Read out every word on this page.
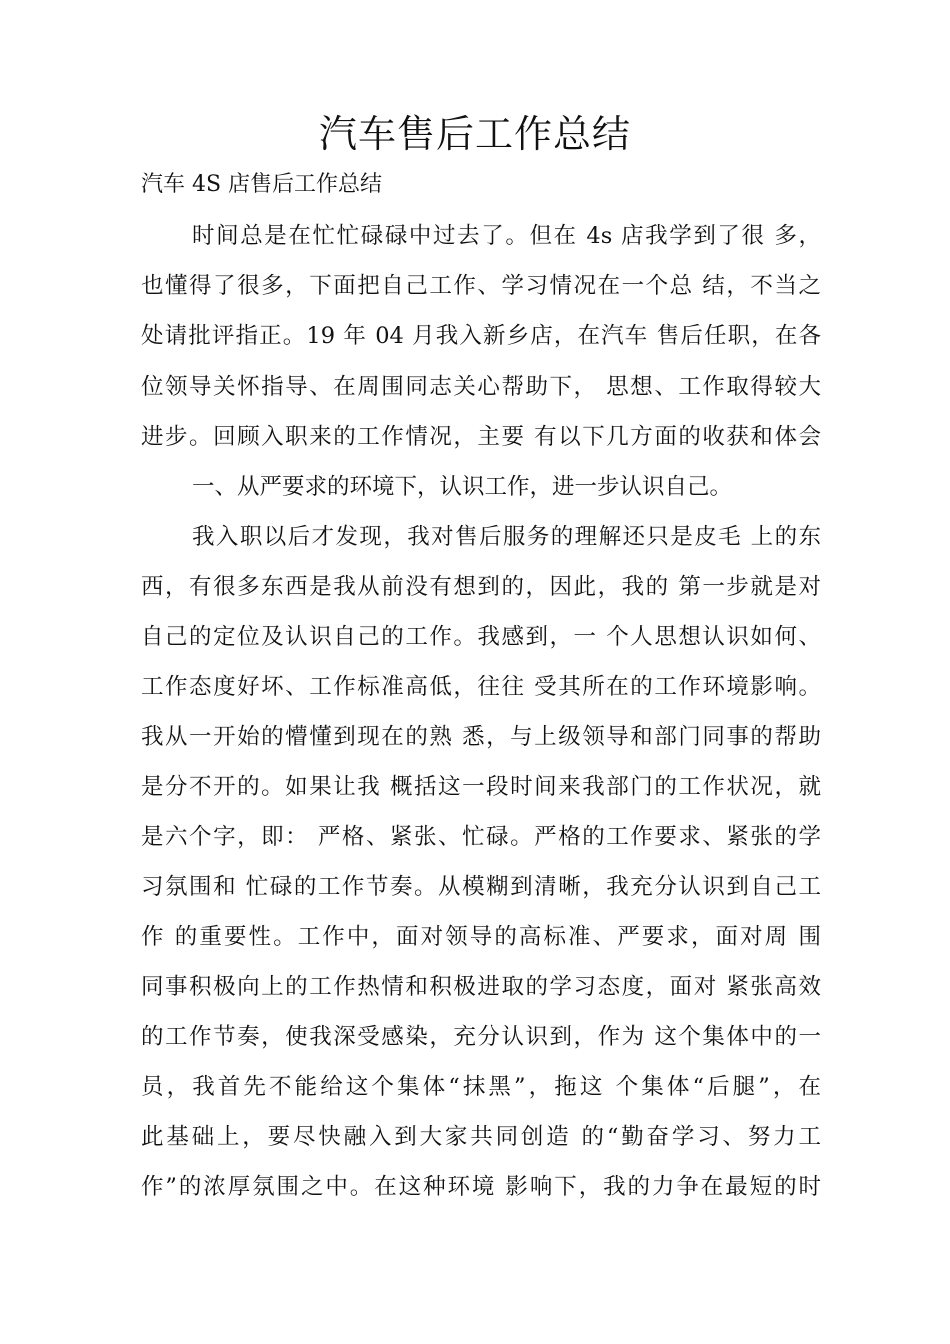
汽车售后工作总结

汽车 4S 店售后工作总结

时间总是在忙忙碌碌中过去了。但在 4s 店我学到了很 多，

也懂得了很多，下面把自己工作、学习情况在一个总 结，不当之

处请批评指正。19 年 04 月我入新乡店，在汽车 售后任职，在各

位领导关怀指导、在周围同志关心帮助下， 思想、工作取得较大

进步。回顾入职来的工作情况，主要 有以下几方面的收获和体会

一、从严要求的环境下，认识工作，进一步认识自己。

我入职以后才发现，我对售后服务的理解还只是皮毛 上的东

西，有很多东西是我从前没有想到的，因此，我的 第一步就是对

自己的定位及认识自己的工作。我感到，一 个人思想认识如何、

工作态度好坏、工作标准高低，往往 受其所在的工作环境影响。

我从一开始的懵懂到现在的熟 悉，与上级领导和部门同事的帮助

是分不开的。如果让我 概括这一段时间来我部门的工作状况，就

是六个字，即： 严格、紧张、忙碌。严格的工作要求、紧张的学

习氛围和 忙碌的工作节奏。从模糊到清晰，我充分认识到自己工

作 的重要性。工作中，面对领导的高标准、严要求，面对周 围

同事积极向上的工作热情和积极进取的学习态度，面对 紧张高效

的工作节奏，使我深受感染，充分认识到，作为 这个集体中的一

员，我首先不能给这个集体“抹黑”，拖这 个集体“后腿”，在

此基础上，要尽快融入到大家共同创造 的“勤奋学习、努力工

作”的浓厚氛围之中。在这种环境 影响下，我的力争在最短的时
